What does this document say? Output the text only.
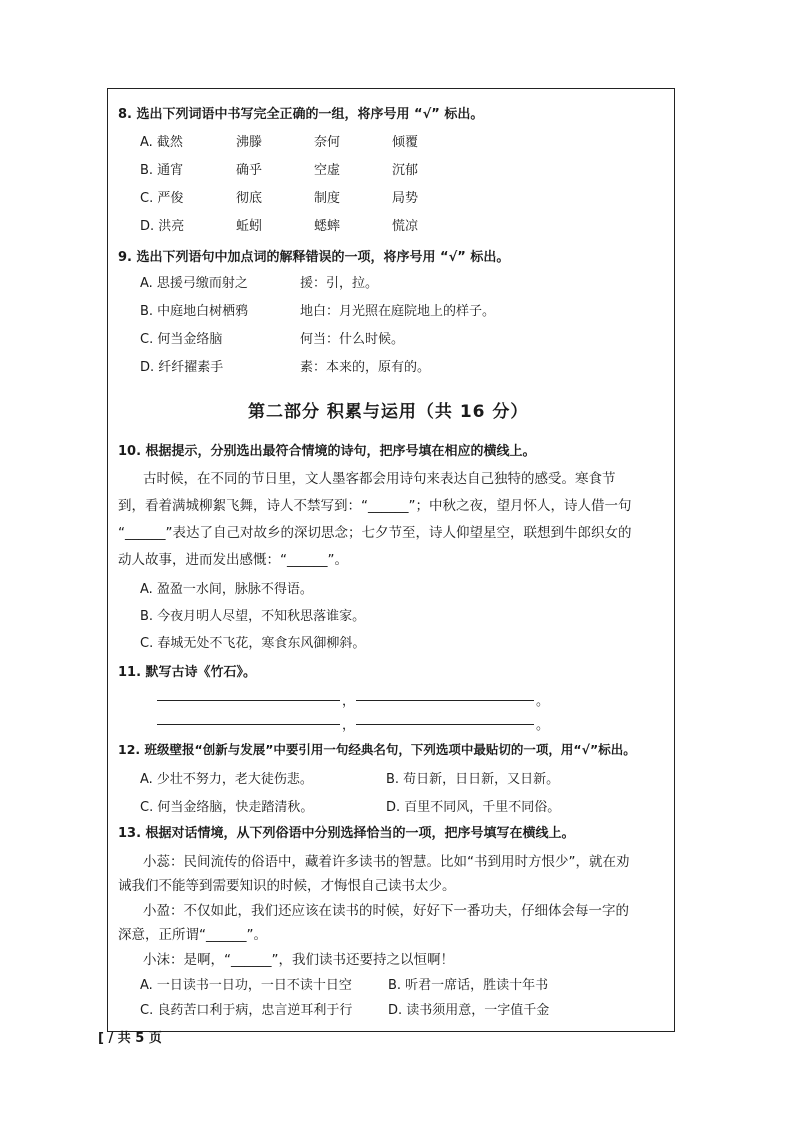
8. 选出下列词语中书写完全正确的一组，将序号用 “√” 标出。
A. 截然	沸滕	奈何	倾覆
B. 通宵	确乎	空虚	沉郁
C. 严俊	彻底	制度	局势
D. 洪亮	蚯蚓	蟋蟀	慌凉
9. 选出下列语句中加点词的解释错误的一项，将序号用 “√” 标出。
A. 思援弓缴而射之	援：引，拉。
B. 中庭地白树栖鸦	地白：月光照在庭院地上的样子。
C. 何当金络脑	何当：什么时候。
D. 纤纤擢素手	素：本来的，原有的。
第二部分 积累与运用（共 16 分）
10. 根据提示，分别选出最符合情境的诗句，把序号填在相应的横线上。
古时候，在不同的节日里，文人墨客都会用诗句来表达自己独特的感受。寒食节
到，看着满城柳絮飞舞，诗人不禁写到：“______”；中秋之夜，望月怀人，诗人借一句
“______”表达了自己对故乡的深切思念；七夕节至，诗人仰望星空，联想到牛郎织女的
动人故事，进而发出感慨：“______”。
A. 盈盈一水间，脉脉不得语。
B. 今夜月明人尽望，不知秋思落谁家。
C. 春城无处不飞花，寒食东风御柳斜。
11. 默写古诗《竹石》。
，	。
，	。
12. 班级壁报“创新与发展”中要引用一句经典名句，下列选项中最贴切的一项，用“√”标出。
A. 少壮不努力，老大徒伤悲。	B. 苟日新，日日新，又日新。
C. 何当金络脑，快走踏清秋。	D. 百里不同风，千里不同俗。
13. 根据对话情境，从下列俗语中分别选择恰当的一项，把序号填写在横线上。
小蕊：民间流传的俗语中，藏着许多读书的智慧。比如“书到用时方恨少”，就在劝
诫我们不能等到需要知识的时候，才悔恨自己读书太少。
小盈：不仅如此，我们还应该在读书的时候，好好下一番功夫，仔细体会每一字的
深意，正所谓“______”。
小沫：是啊，“______”，我们读书还要持之以恒啊！
A. 一日读书一日功，一日不读十日空	B. 听君一席话，胜读十年书
C. 良药苦口利于病，忠言逆耳利于行	D. 读书须用意，一字值千金
[ / 共 5 页
